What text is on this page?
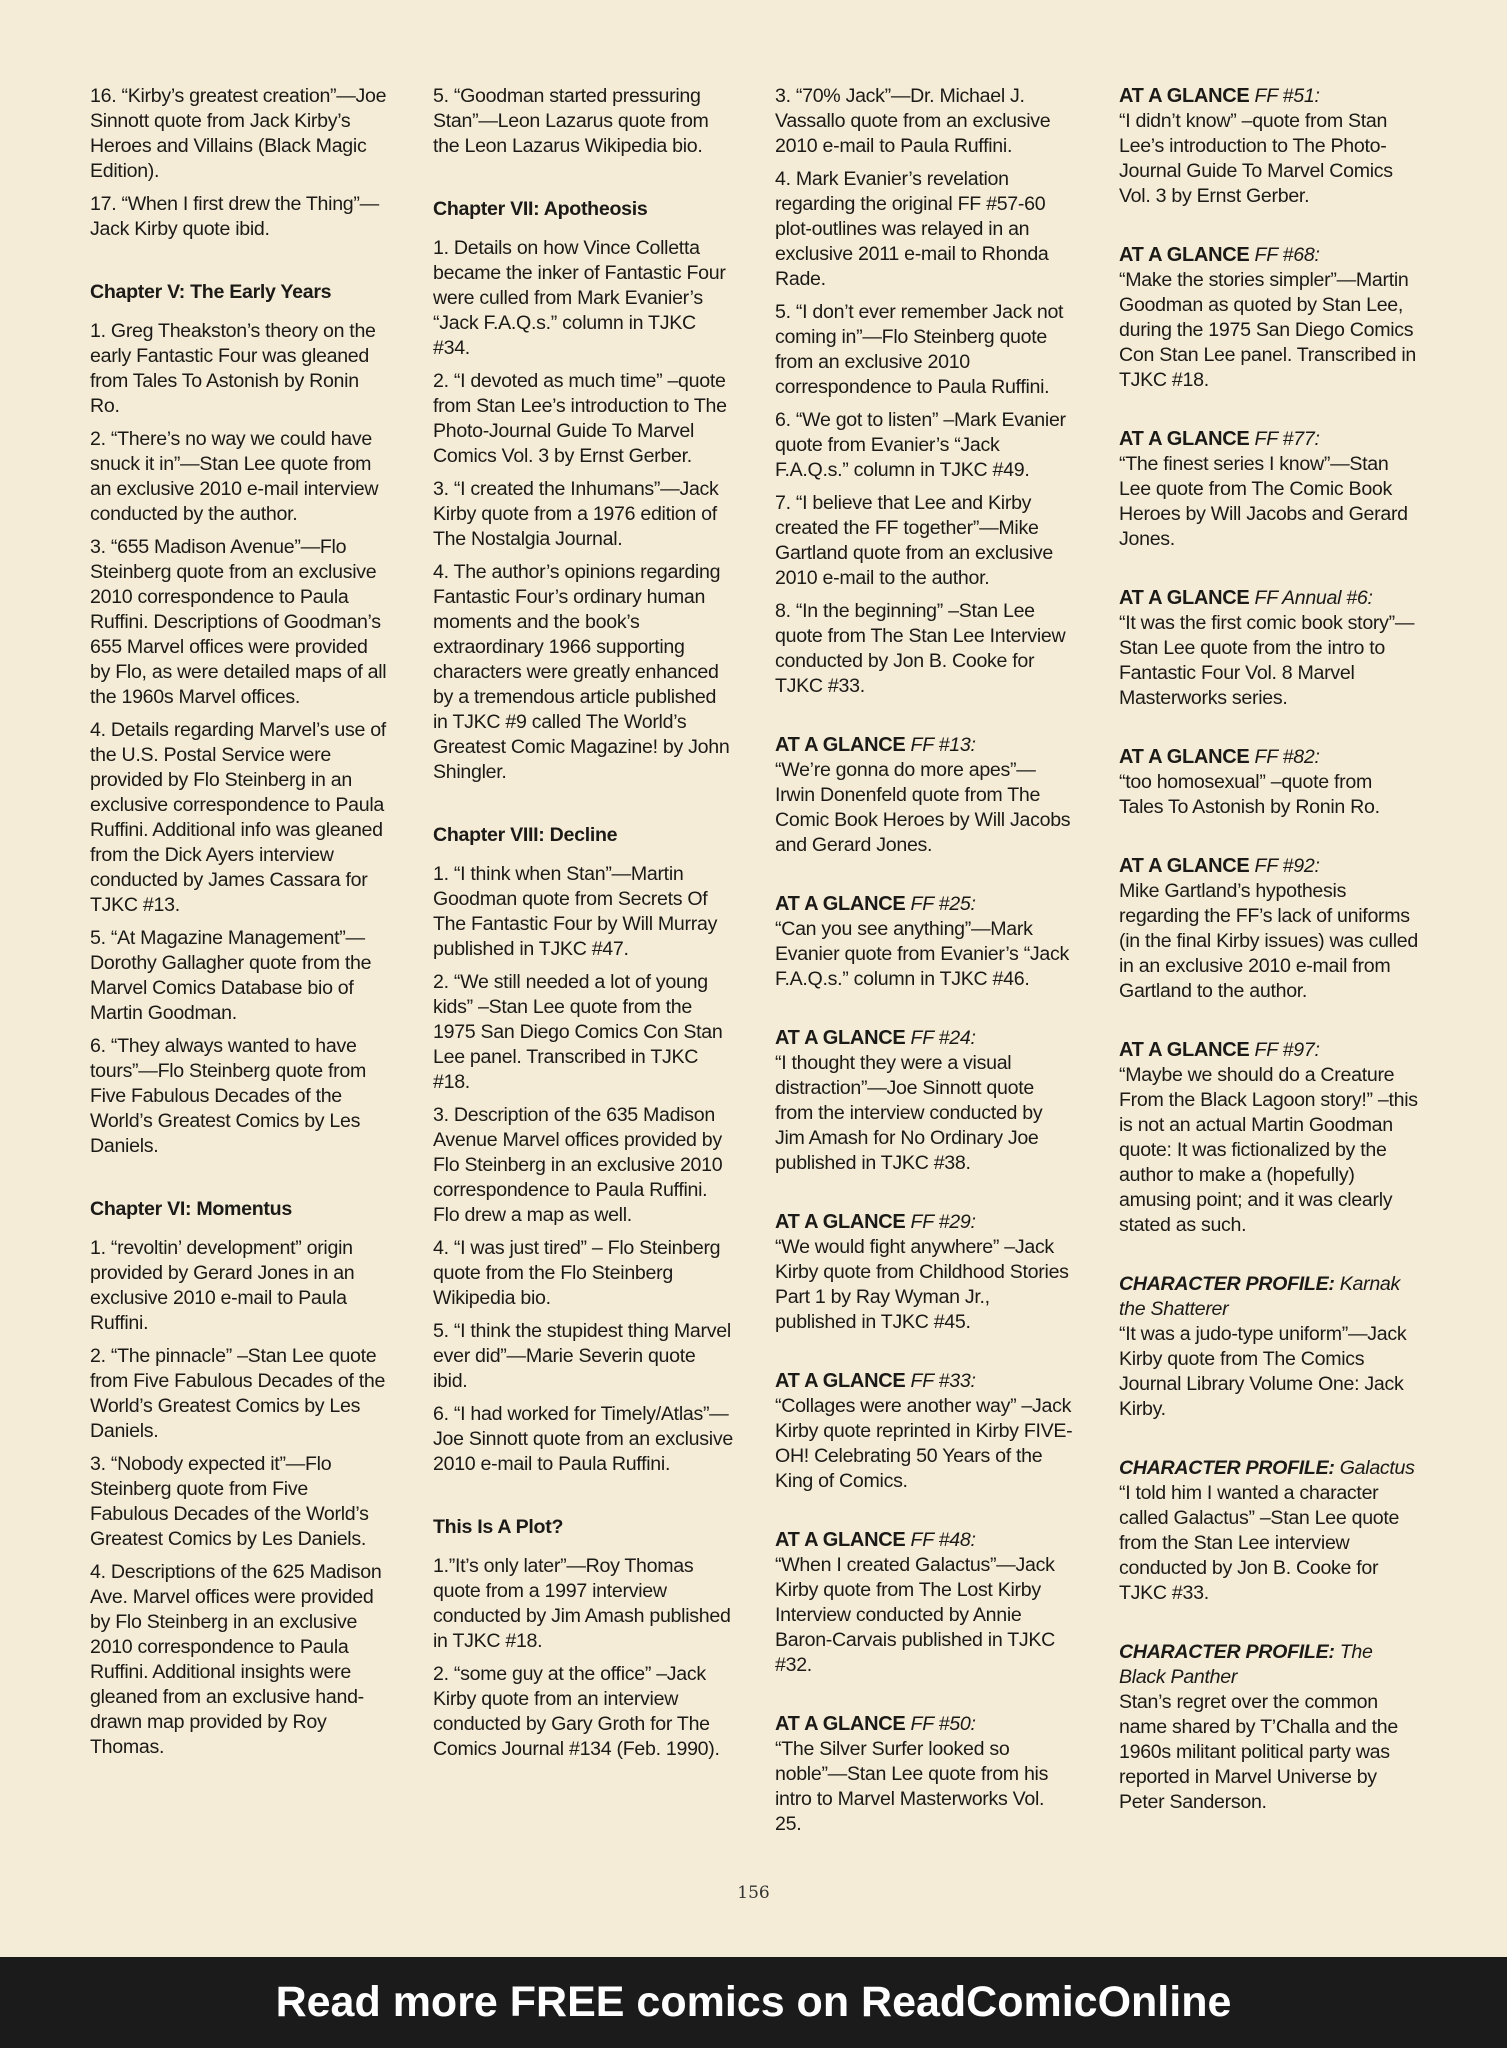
16. “Kirby’s greatest creation”—Joe Sinnott quote from Jack Kirby’s Heroes and Villains (Black Magic Edition).
17. “When I first drew the Thing”—Jack Kirby quote ibid.
Chapter V: The Early Years
1. Greg Theakston’s theory on the early Fantastic Four was gleaned from Tales To Astonish by Ronin Ro.
2. “There’s no way we could have snuck it in”—Stan Lee quote from an exclusive 2010 e-mail interview conducted by the author.
3. “655 Madison Avenue”—Flo Steinberg quote from an exclusive 2010 correspondence to Paula Ruffini. Descriptions of Goodman’s 655 Marvel offices were provided by Flo, as were detailed maps of all the 1960s Marvel offices.
4. Details regarding Marvel’s use of the U.S. Postal Service were provided by Flo Steinberg in an exclusive correspondence to Paula Ruffini. Additional info was gleaned from the Dick Ayers interview conducted by James Cassara for TJKC #13.
5. “At Magazine Management”—Dorothy Gallagher quote from the Marvel Comics Database bio of Martin Goodman.
6. “They always wanted to have tours”—Flo Steinberg quote from Five Fabulous Decades of the World’s Greatest Comics by Les Daniels.
Chapter VI: Momentus
1. “revoltin’ development” origin provided by Gerard Jones in an exclusive 2010 e-mail to Paula Ruffini.
2. “The pinnacle” –Stan Lee quote from Five Fabulous Decades of the World’s Greatest Comics by Les Daniels.
3. “Nobody expected it”—Flo Steinberg quote from Five Fabulous Decades of the World’s Greatest Comics by Les Daniels.
4. Descriptions of the 625 Madison Ave. Marvel offices were provided by Flo Steinberg in an exclusive 2010 correspondence to Paula Ruffini. Additional insights were gleaned from an exclusive hand-drawn map provided by Roy Thomas.
5. “Goodman started pressuring Stan”—Leon Lazarus quote from the Leon Lazarus Wikipedia bio.
Chapter VII: Apotheosis
1. Details on how Vince Colletta became the inker of Fantastic Four were culled from Mark Evanier’s “Jack F.A.Q.s.” column in TJKC #34.
2. “I devoted as much time” –quote from Stan Lee’s introduction to The Photo-Journal Guide To Marvel Comics Vol. 3 by Ernst Gerber.
3. “I created the Inhumans”—Jack Kirby quote from a 1976 edition of The Nostalgia Journal.
4. The author’s opinions regarding Fantastic Four’s ordinary human moments and the book’s extraordinary 1966 supporting characters were greatly enhanced by a tremendous article published in TJKC #9 called The World’s Greatest Comic Magazine! by John Shingler.
Chapter VIII: Decline
1. “I think when Stan”—Martin Goodman quote from Secrets Of The Fantastic Four by Will Murray published in TJKC #47.
2. “We still needed a lot of young kids” –Stan Lee quote from the 1975 San Diego Comics Con Stan Lee panel. Transcribed in TJKC #18.
3. Description of the 635 Madison Avenue Marvel offices provided by Flo Steinberg in an exclusive 2010 correspondence to Paula Ruffini. Flo drew a map as well.
4. “I was just tired” – Flo Steinberg quote from the Flo Steinberg Wikipedia bio.
5. “I think the stupidest thing Marvel ever did”—Marie Severin quote ibid.
6. “I had worked for Timely/Atlas”—Joe Sinnott quote from an exclusive 2010 e-mail to Paula Ruffini.
This Is A Plot?
1.”It’s only later”—Roy Thomas quote from a 1997 interview conducted by Jim Amash published in TJKC #18.
2. “some guy at the office” –Jack Kirby quote from an interview conducted by Gary Groth for The Comics Journal #134 (Feb. 1990).
3. “70% Jack”—Dr. Michael J. Vassallo quote from an exclusive 2010 e-mail to Paula Ruffini.
4. Mark Evanier’s revelation regarding the original FF #57-60 plot-outlines was relayed in an exclusive 2011 e-mail to Rhonda Rade.
5. “I don’t ever remember Jack not coming in”—Flo Steinberg quote from an exclusive 2010 correspondence to Paula Ruffini.
6. “We got to listen” –Mark Evanier quote from Evanier’s “Jack F.A.Q.s.” column in TJKC #49.
7. “I believe that Lee and Kirby created the FF together”—Mike Gartland quote from an exclusive 2010 e-mail to the author.
8. “In the beginning” –Stan Lee quote from The Stan Lee Interview conducted by Jon B. Cooke for TJKC #33.
AT A GLANCE FF #13:
“We’re gonna do more apes”—Irwin Donenfeld quote from The Comic Book Heroes by Will Jacobs and Gerard Jones.
AT A GLANCE FF #25:
“Can you see anything”—Mark Evanier quote from Evanier’s “Jack F.A.Q.s.” column in TJKC #46.
AT A GLANCE FF #24:
“I thought they were a visual distraction”—Joe Sinnott quote from the interview conducted by Jim Amash for No Ordinary Joe published in TJKC #38.
AT A GLANCE FF #29:
“We would fight anywhere” –Jack Kirby quote from Childhood Stories Part 1 by Ray Wyman Jr., published in TJKC #45.
AT A GLANCE FF #33:
“Collages were another way” –Jack Kirby quote reprinted in Kirby FIVE-OH! Celebrating 50 Years of the King of Comics.
AT A GLANCE FF #48:
“When I created Galactus”—Jack Kirby quote from The Lost Kirby Interview conducted by Annie Baron-Carvais published in TJKC #32.
AT A GLANCE FF #50:
“The Silver Surfer looked so noble”—Stan Lee quote from his intro to Marvel Masterworks Vol. 25.
AT A GLANCE FF #51:
“I didn’t know” –quote from Stan Lee’s introduction to The Photo-Journal Guide To Marvel Comics Vol. 3 by Ernst Gerber.
AT A GLANCE FF #68:
“Make the stories simpler”—Martin Goodman as quoted by Stan Lee, during the 1975 San Diego Comics Con Stan Lee panel. Transcribed in TJKC #18.
AT A GLANCE FF #77:
“The finest series I know”—Stan Lee quote from The Comic Book Heroes by Will Jacobs and Gerard Jones.
AT A GLANCE FF Annual #6:
“It was the first comic book story”—Stan Lee quote from the intro to Fantastic Four Vol. 8 Marvel Masterworks series.
AT A GLANCE FF #82:
“too homosexual” –quote from Tales To Astonish by Ronin Ro.
AT A GLANCE FF #92:
Mike Gartland’s hypothesis regarding the FF’s lack of uniforms (in the final Kirby issues) was culled in an exclusive 2010 e-mail from Gartland to the author.
AT A GLANCE FF #97:
“Maybe we should do a Creature From the Black Lagoon story!” –this is not an actual Martin Goodman quote: It was fictionalized by the author to make a (hopefully) amusing point; and it was clearly stated as such.
CHARACTER PROFILE: Karnak the Shatterer
“It was a judo-type uniform”—Jack Kirby quote from The Comics Journal Library Volume One: Jack Kirby.
CHARACTER PROFILE: Galactus
“I told him I wanted a character called Galactus” –Stan Lee quote from the Stan Lee interview conducted by Jon B. Cooke for TJKC #33.
CHARACTER PROFILE: The Black Panther
Stan’s regret over the common name shared by T’Challa and the 1960s militant political party was reported in Marvel Universe by Peter Sanderson.
156
Read more FREE comics on ReadComicOnline
